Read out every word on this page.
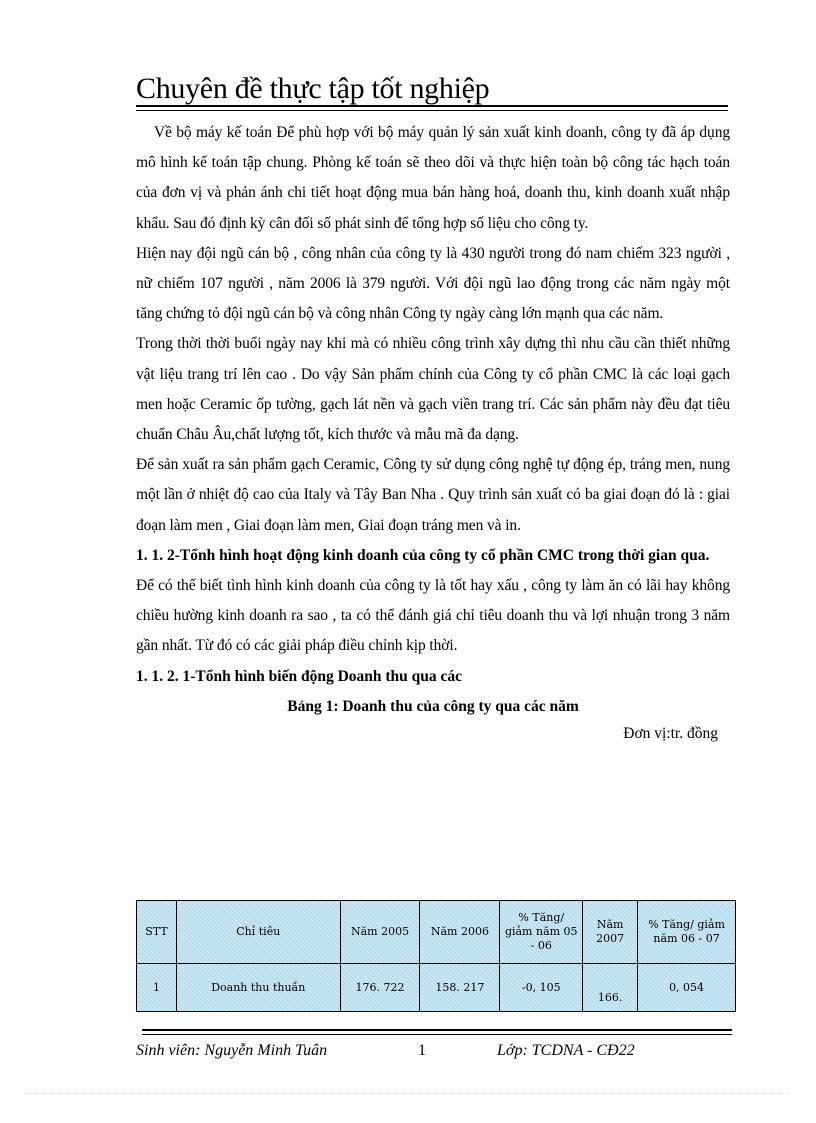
Chuyên đề thực tập tốt nghiệp

Về bộ máy kế toán Để phù hợp với bộ máy quản lý sản xuất kinh doanh, công ty đã áp dụng mô hình kế toán tập chung. Phòng kế toán sẽ theo dõi và thực hiện toàn bộ công tác hạch toán của đơn vị và phản ánh chi tiết hoạt động mua bán hàng hoá, doanh thu, kinh doanh xuất nhập khẩu. Sau đó định kỳ cân đối số phát sinh để tổng hợp số liệu cho công ty.

Hiện nay đội ngũ cán bộ , công nhân của công ty là 430 người trong đó nam chiếm 323 người , nữ chiếm 107 người , năm 2006 là 379 người. Với đội ngũ lao động trong các năm ngày một tăng chứng tỏ đội ngũ cán bộ và công nhân Công ty ngày càng lớn mạnh qua các năm.

Trong thời thời buổi ngày nay khi mà có nhiều công trình xây dựng thì nhu cầu cần thiết những vật liệu trang trí lên cao . Do vậy Sản phẩm chính của Công ty cổ phần CMC là các loại gạch men hoặc Ceramic ốp tường, gạch lát nền và gạch viền trang trí. Các sản phẩm này đều đạt tiêu chuẩn Châu Âu,chất lượng tốt, kích thước và mẫu mã đa dạng.

Để sản xuất ra sản phẩm gạch Ceramic, Công ty sử dụng công nghệ tự động ép, tráng men, nung một lần ở nhiệt độ cao của Italy và Tây Ban Nha . Quy trình sản xuất có ba giai đoạn đó là : giai đoạn làm men , Giai đoạn làm men, Giai đoạn tráng men và in.

1. 1. 2-Tổnh hình hoạt động kinh doanh của công ty cổ phần CMC trong thời gian qua.

Để có thể biết tình hình kinh doanh của công ty là tốt hay xấu , công ty làm ăn có lãi hay không chiều hường kinh doanh ra sao , ta có thể đánh giá chỉ tiêu doanh thu và lợi nhuận trong 3 năm gần nhất. Từ đó có các giải pháp điều chỉnh kịp thời.

1. 1. 2. 1-Tổnh hình biến động Doanh thu qua các

Bảng 1: Doanh thu của công ty qua các năm

Đơn vị:tr. đồng

STT	Chỉ tiêu	Năm 2005	Năm 2006	% Tăng/ giảm năm 05 - 06	Năm 2007	% Tăng/ giảm năm 06 - 07
1	Doanh thu thuần	176. 722	158. 217	-0, 105	166.	0, 054
Sinh viên: Nguyễn Minh Tuân	1	Lớp: TCDNA - CĐ22
